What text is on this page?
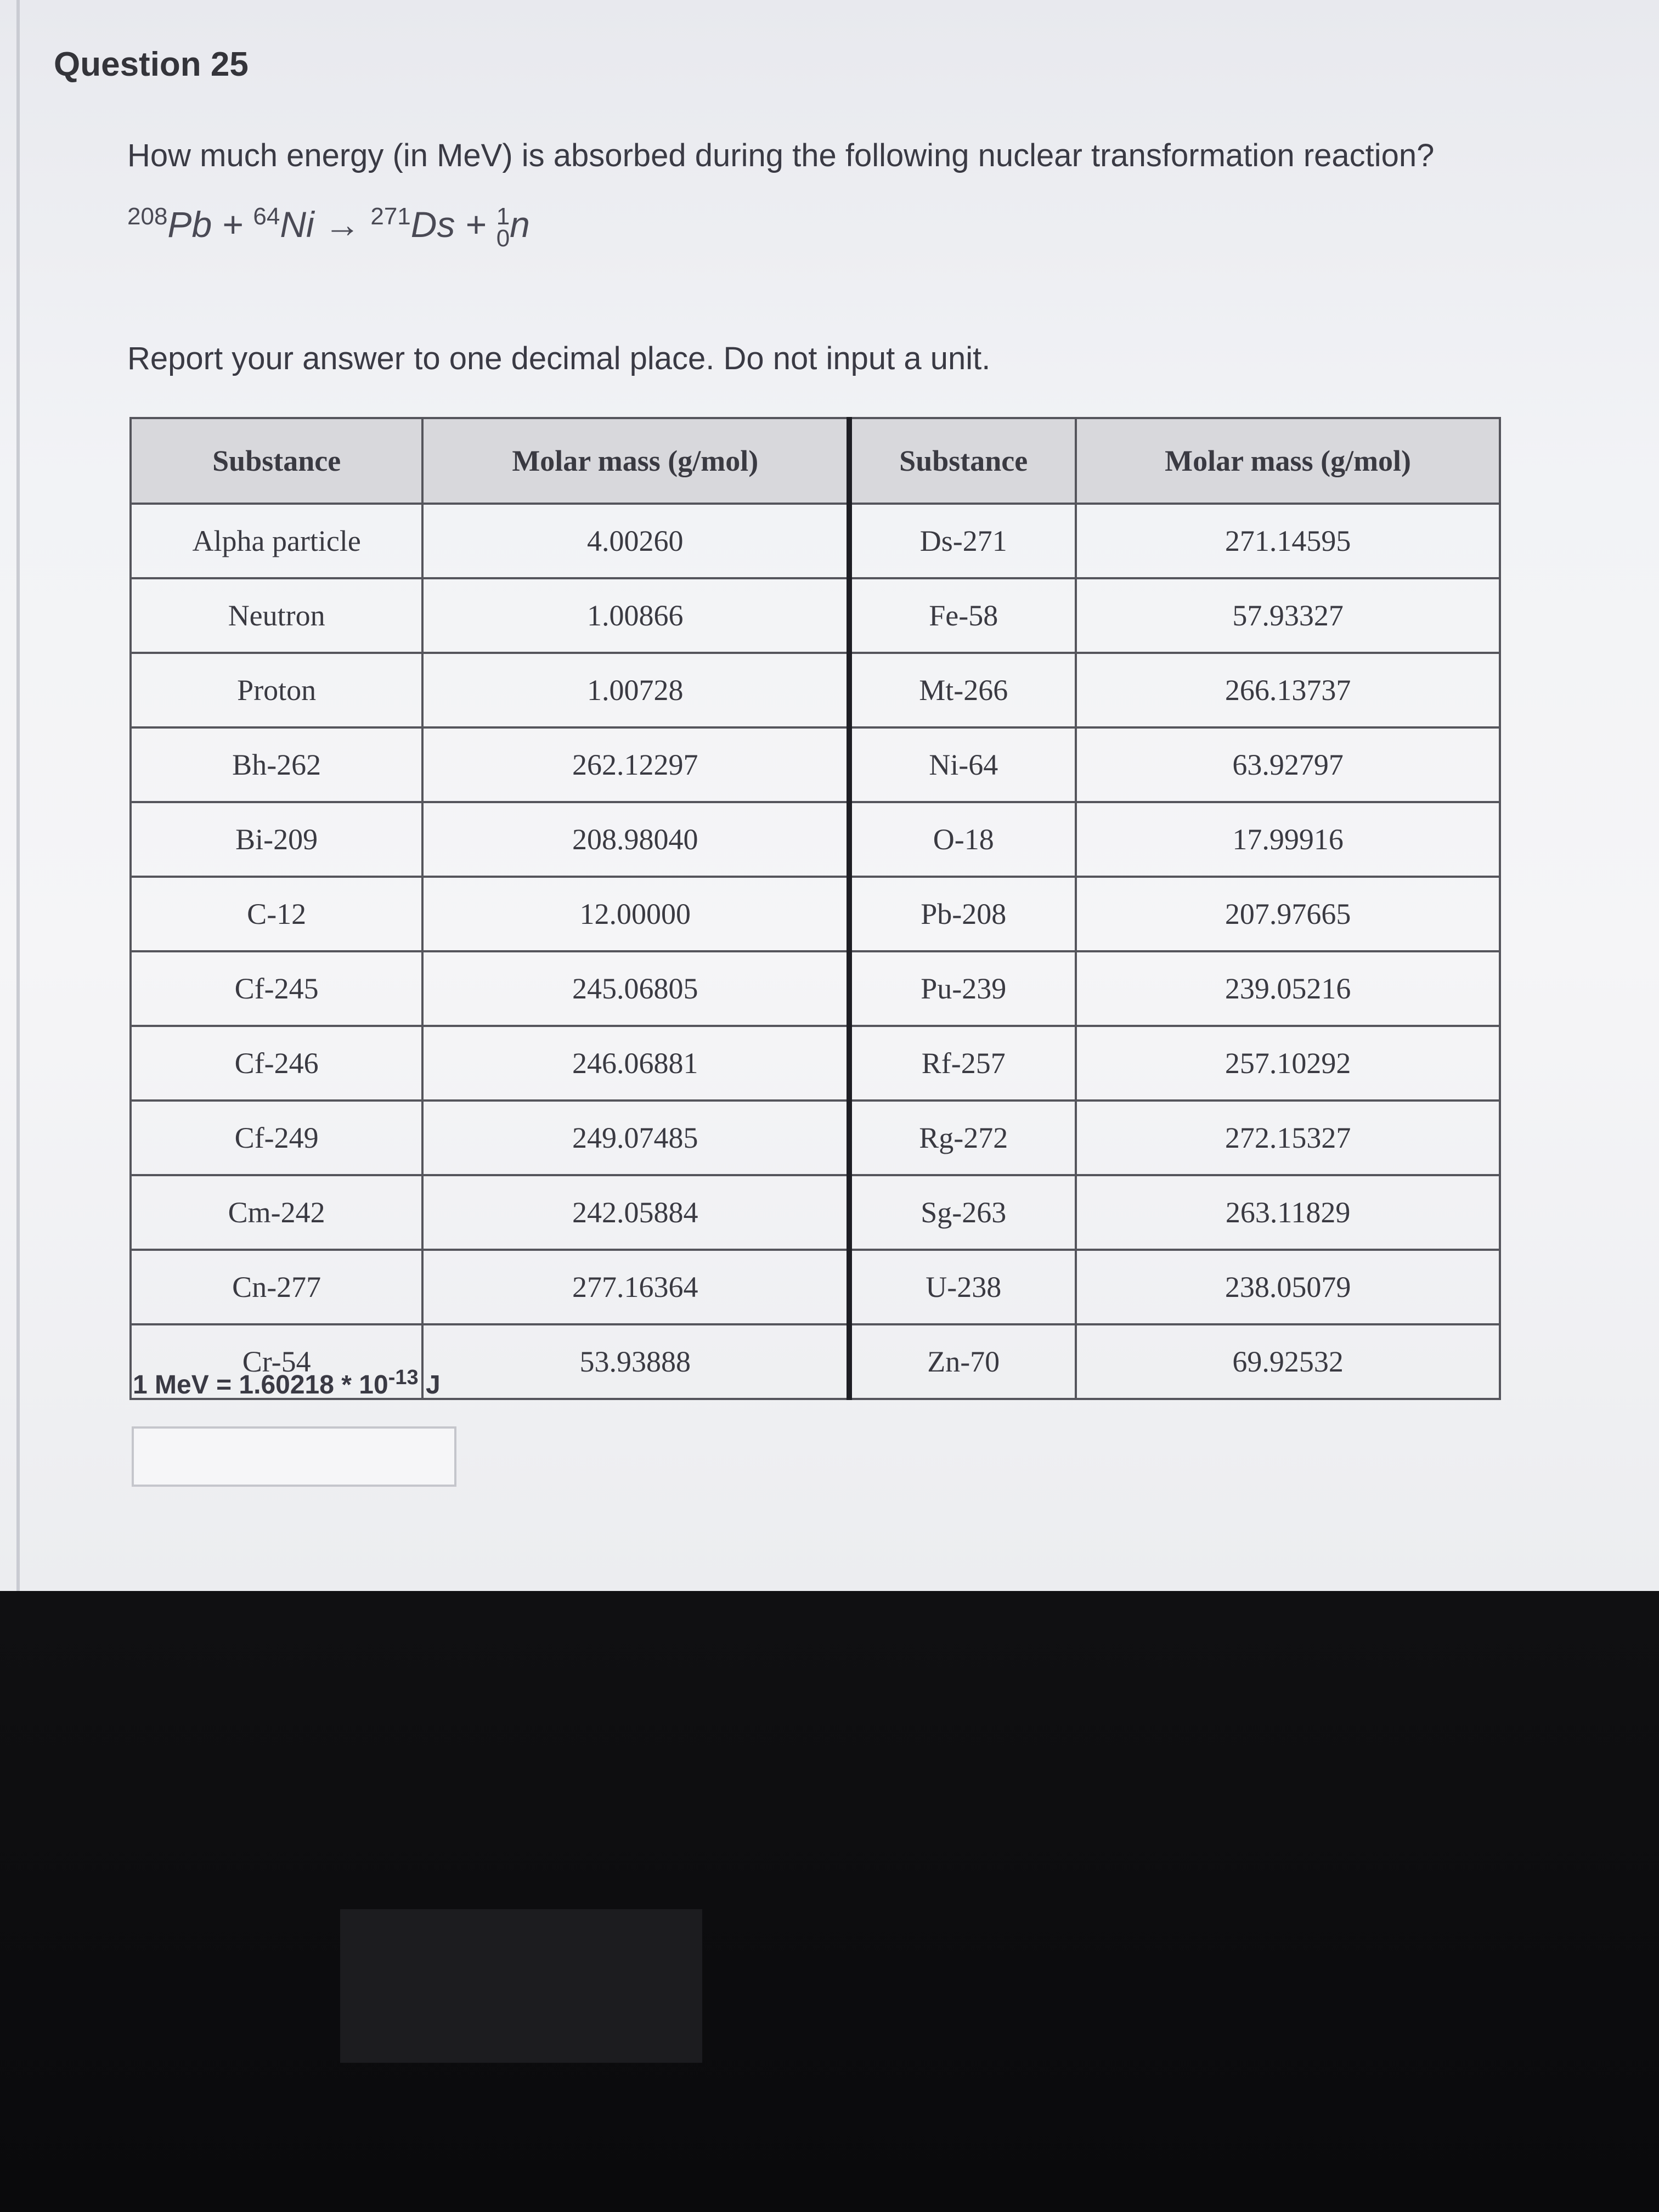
Question 25
How much energy (in MeV) is absorbed during the following nuclear transformation reaction?
$^{208}$Pb + $^{64}$Ni → $^{271}$Ds + 1
0n
Report your answer to one decimal place. Do not input a unit.
Substance	Molar mass (g/mol)	Substance	Molar mass (g/mol)
Alpha particle	4.00260	Ds-271	271.14595
Neutron	1.00866	Fe-58	57.93327
Proton	1.00728	Mt-266	266.13737
Bh-262	262.12297	Ni-64	63.92797
Bi-209	208.98040	O-18	17.99916
C-12	12.00000	Pb-208	207.97665
Cf-245	245.06805	Pu-239	239.05216
Cf-246	246.06881	Rf-257	257.10292
Cf-249	249.07485	Rg-272	272.15327
Cm-242	242.05884	Sg-263	263.11829
Cn-277	277.16364	U-238	238.05079
Cr-54	53.93888	Zn-70	69.92532
1 MeV = $1.60218 * 10^{-13}$ J
